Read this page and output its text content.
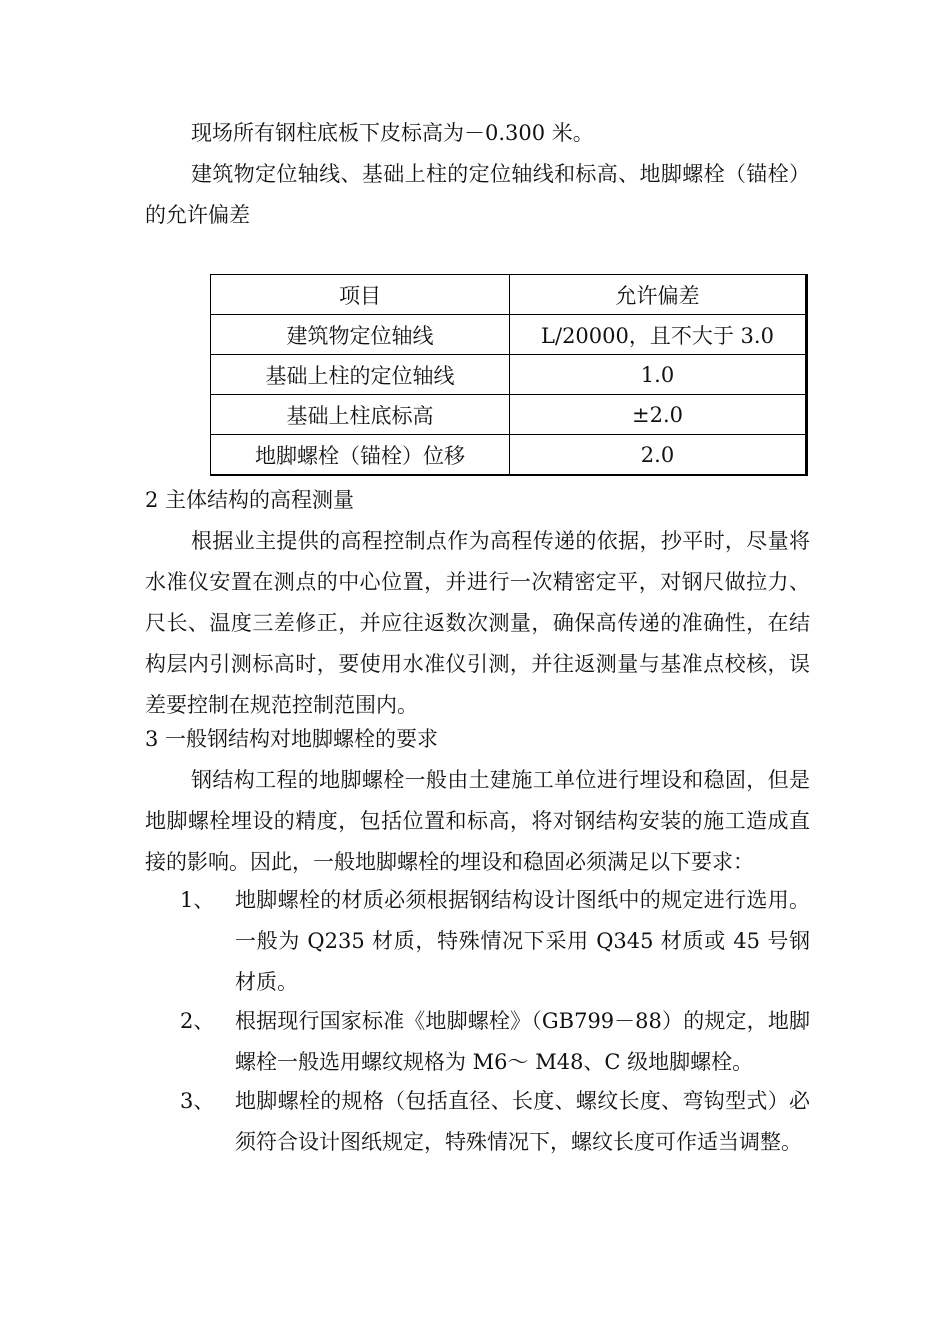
现场所有钢柱底板下皮标高为－0.300 米。

建筑物定位轴线、基础上柱的定位轴线和标高、地脚螺栓（锚栓）的允许偏差

项目	允许偏差
建筑物定位轴线	L/20000，且不大于 3.0
基础上柱的定位轴线	1.0
基础上柱底标高	±2.0
地脚螺栓（锚栓）位移	2.0
2 主体结构的高程测量

根据业主提供的高程控制点作为高程传递的依据，抄平时，尽量将水准仪安置在测点的中心位置，并进行一次精密定平，对钢尺做拉力、尺长、温度三差修正，并应往返数次测量，确保高传递的准确性，在结构层内引测标高时，要使用水准仪引测，并往返测量与基准点校核，误差要控制在规范控制范围内。

3 一般钢结构对地脚螺栓的要求

钢结构工程的地脚螺栓一般由土建施工单位进行埋设和稳固，但是地脚螺栓埋设的精度，包括位置和标高，将对钢结构安装的施工造成直接的影响。因此，一般地脚螺栓的埋设和稳固必须满足以下要求：

1、 地脚螺栓的材质必须根据钢结构设计图纸中的规定进行选用。一般为 Q235 材质，特殊情况下采用 Q345 材质或 45 号钢材质。
2、 根据现行国家标准《地脚螺栓》（GB799－88）的规定，地脚螺栓一般选用螺纹规格为 M6～ M48、C 级地脚螺栓。
3、 地脚螺栓的规格（包括直径、长度、螺纹长度、弯钩型式）必须符合设计图纸规定，特殊情况下，螺纹长度可作适当调整。
